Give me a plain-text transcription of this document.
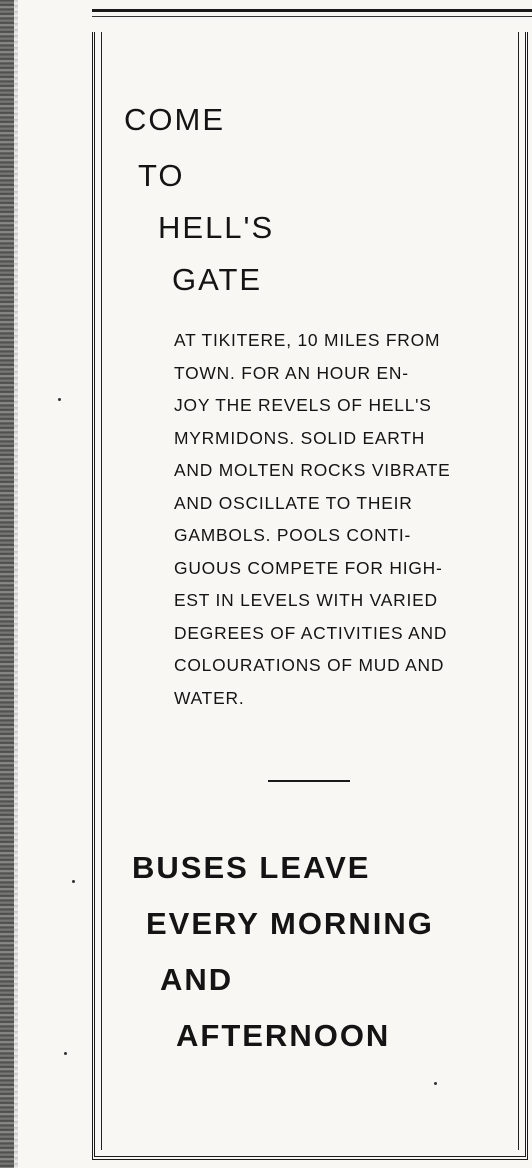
COME
TO
HELL'S
GATE

AT TIKITERE, 10 MILES FROM
TOWN. FOR AN HOUR EN-
JOY THE REVELS OF HELL'S
MYRMIDONS. SOLID EARTH
AND MOLTEN ROCKS VIBRATE
AND OSCILLATE TO THEIR
GAMBOLS. POOLS CONTI-
GUOUS COMPETE FOR HIGH-
EST IN LEVELS WITH VARIED
DEGREES OF ACTIVITIES AND
COLOURATIONS OF MUD AND
WATER.

BUSES LEAVE
EVERY MORNING
AND
AFTERNOON
